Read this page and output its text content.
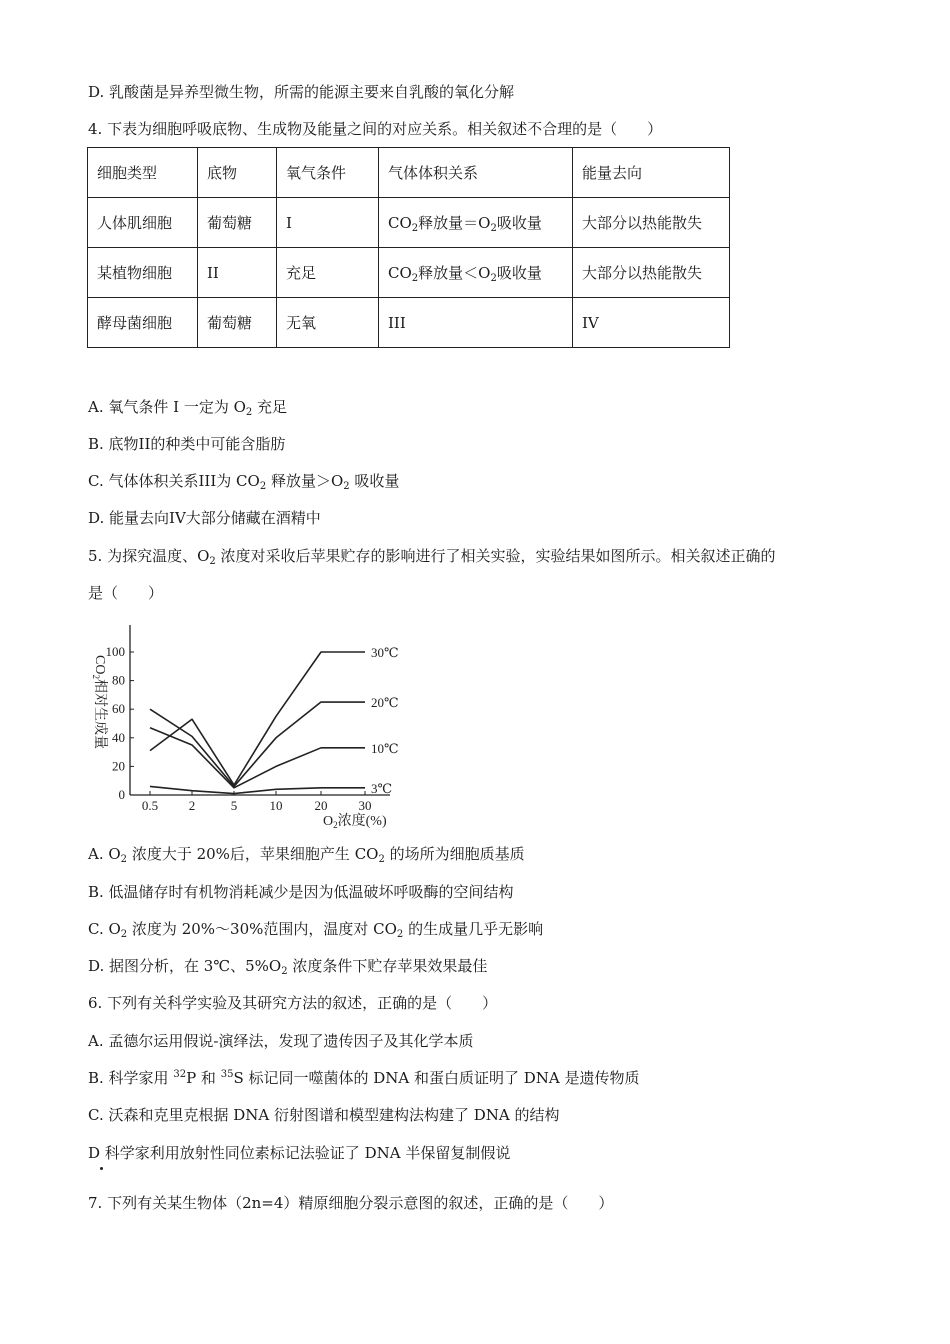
D. 乳酸菌是异养型微生物，所需的能源主要来自乳酸的氧化分解
4. 下表为细胞呼吸底物、生成物及能量之间的对应关系。相关叙述不合理的是（　　）
细胞类型	底物	氧气条件	气体体积关系	能量去向
人体肌细胞	葡萄糖	I	$CO_2$释放量$=O_2$吸收量	大部分以热能散失
某植物细胞	II	充足	$CO_2$释放量$<O_2$吸收量	大部分以热能散失
酵母菌细胞	葡萄糖	无氧	III	IV
A. 氧气条件 I 一定为 $O_2$ 充足
B. 底物II的种类中可能含脂肪
C. 气体体积关系III为 $CO_2$ 释放量$>O_2$ 吸收量
D. 能量去向IV大部分储藏在酒精中
5. 为探究温度、$O_2$ 浓度对采收后苹果贮存的影响进行了相关实验，实验结果如图所示。相关叙述正确的
是（　　）
0
20
40
60
80
100
0.5 2	5 10 20 30
30℃
20℃
10℃
3℃
$CO_2$相对生成量
$O_2$浓度(%)
A. $O_2$ 浓度大于 20%后，苹果细胞产生 $CO_2$ 的场所为细胞质基质
B. 低温储存时有机物消耗减少是因为低温破坏呼吸酶的空间结构
C. $O_2$ 浓度为 20%～30%范围内，温度对 $CO_2$ 的生成量几乎无影响
D. 据图分析，在 3℃、$5\%O_2$ 浓度条件下贮存苹果效果最佳
6. 下列有关科学实验及其研究方法的叙述，正确的是（　　）
A. 孟德尔运用假说-演绎法，发现了遗传因子及其化学本质
B. 科学家用 $^{32}$P 和 $^{35}$S 标记同一噬菌体的 DNA 和蛋白质证明了 DNA 是遗传物质
C. 沃森和克里克根据 DNA 衍射图谱和模型建构法构建了 DNA 的结构
D 科学家利用放射性同位素标记法验证了 DNA 半保留复制假说
7. 下列有关某生物体（2n=4）精原细胞分裂示意图的叙述，正确的是（　　）
